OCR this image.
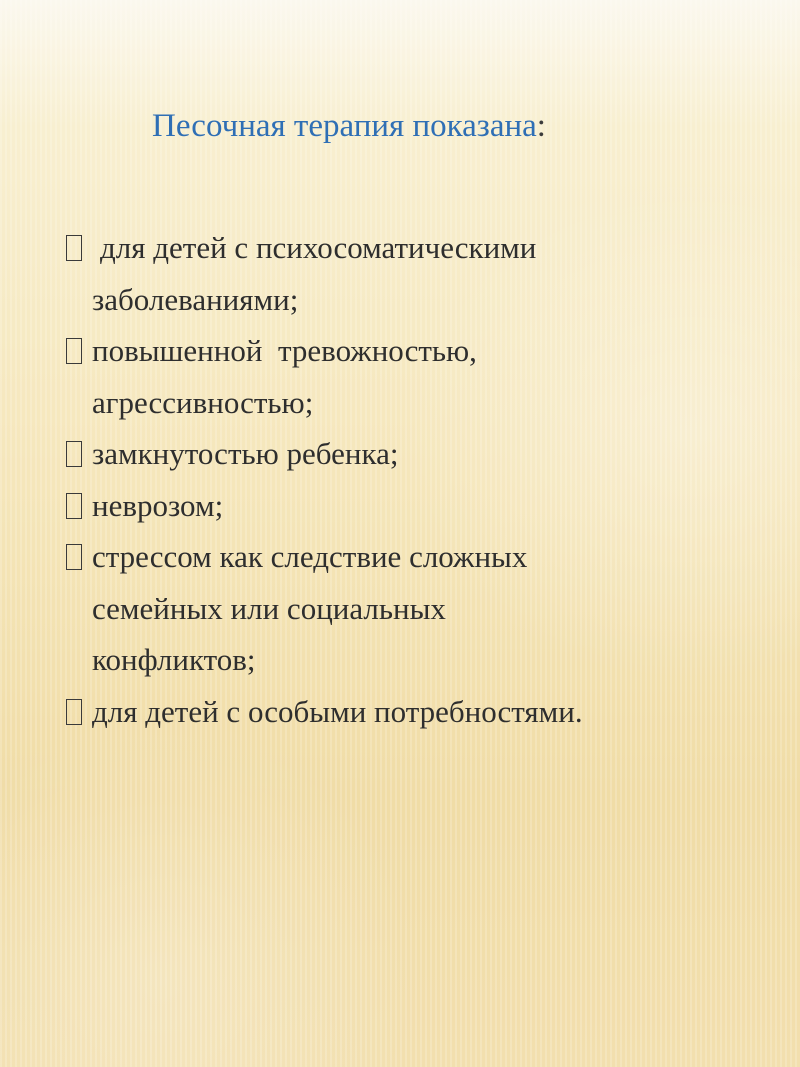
Песочная терапия показана:
для детей с психосоматическими
заболеваниями;
повышенной  тревожностью,
агрессивностью;
замкнутостью ребенка;
неврозом;
стрессом как следствие сложных
семейных или социальных
конфликтов;
для детей с особыми потребностями.
